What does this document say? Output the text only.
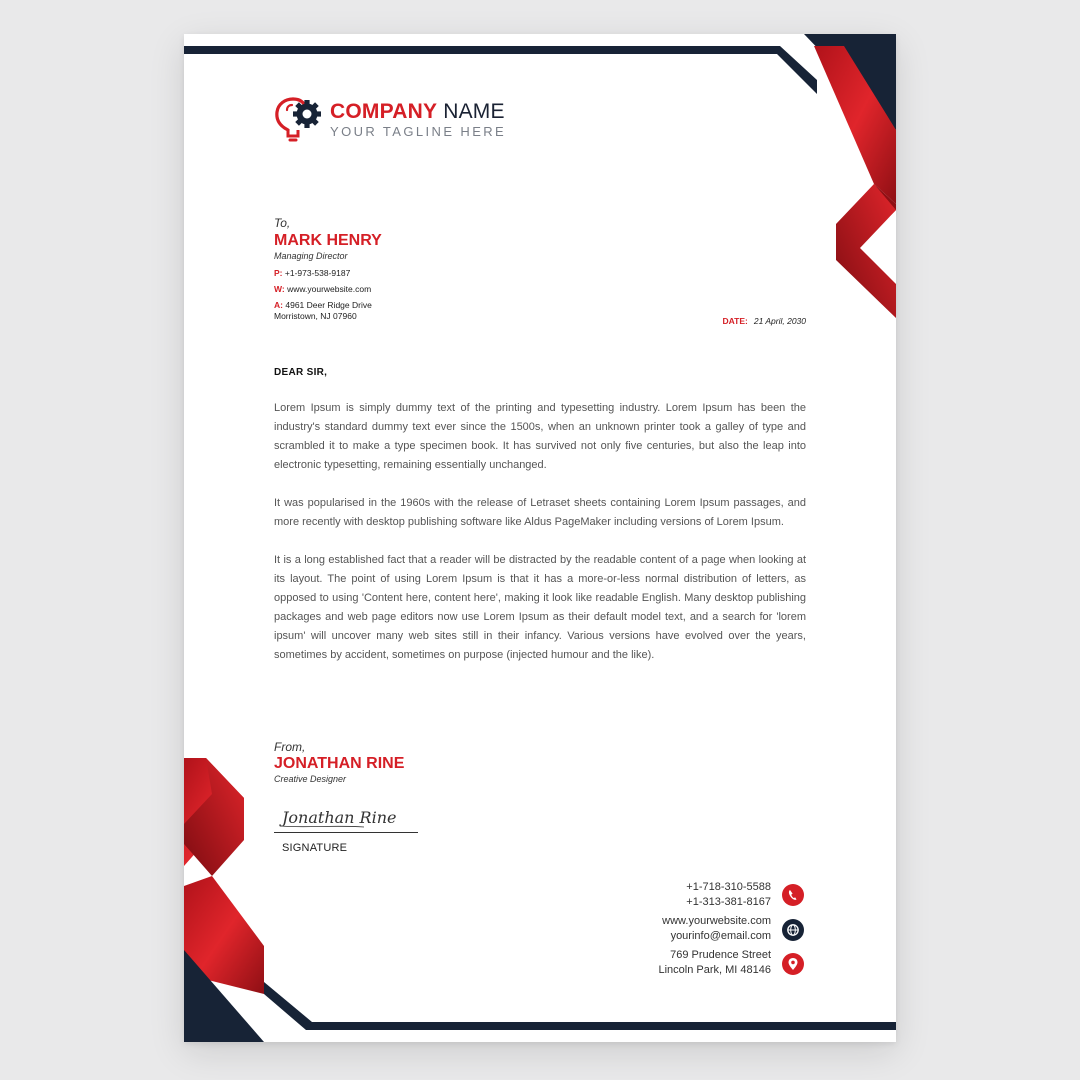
COMPANY NAME
YOUR TAGLINE HERE
To,
MARK HENRY
Managing Director
P: +1-973-538-9187
W: www.yourwebsite.com
A: 4961 Deer Ridge Drive
Morristown, NJ 07960	DATE: 21 April, 2030
DEAR SIR,

Lorem Ipsum is simply dummy text of the printing and typesetting industry. Lorem Ipsum has been the industry's standard dummy text ever since the 1500s, when an unknown printer took a galley of type and scrambled it to make a type specimen book. It has survived not only five centuries, but also the leap into electronic typesetting, remaining essentially unchanged.

It was popularised in the 1960s with the release of Letraset sheets containing Lorem Ipsum passages, and more recently with desktop publishing software like Aldus PageMaker including versions of Lorem Ipsum.

It is a long established fact that a reader will be distracted by the readable content of a page when looking at its layout. The point of using Lorem Ipsum is that it has a more-or-less normal distribution of letters, as opposed to using 'Content here, content here', making it look like readable English. Many desktop publishing packages and web page editors now use Lorem Ipsum as their default model text, and a search for 'lorem ipsum' will uncover many web sites still in their infancy. Various versions have evolved over the years, sometimes by accident, sometimes on purpose (injected humour and the like).

From,
JONATHAN RINE
Creative Designer
Jonathan Rine
SIGNATURE
+1-718-310-5588
+1-313-381-8167
www.yourwebsite.com
yourinfo@email.com
769 Prudence Street
Lincoln Park, MI 48146
